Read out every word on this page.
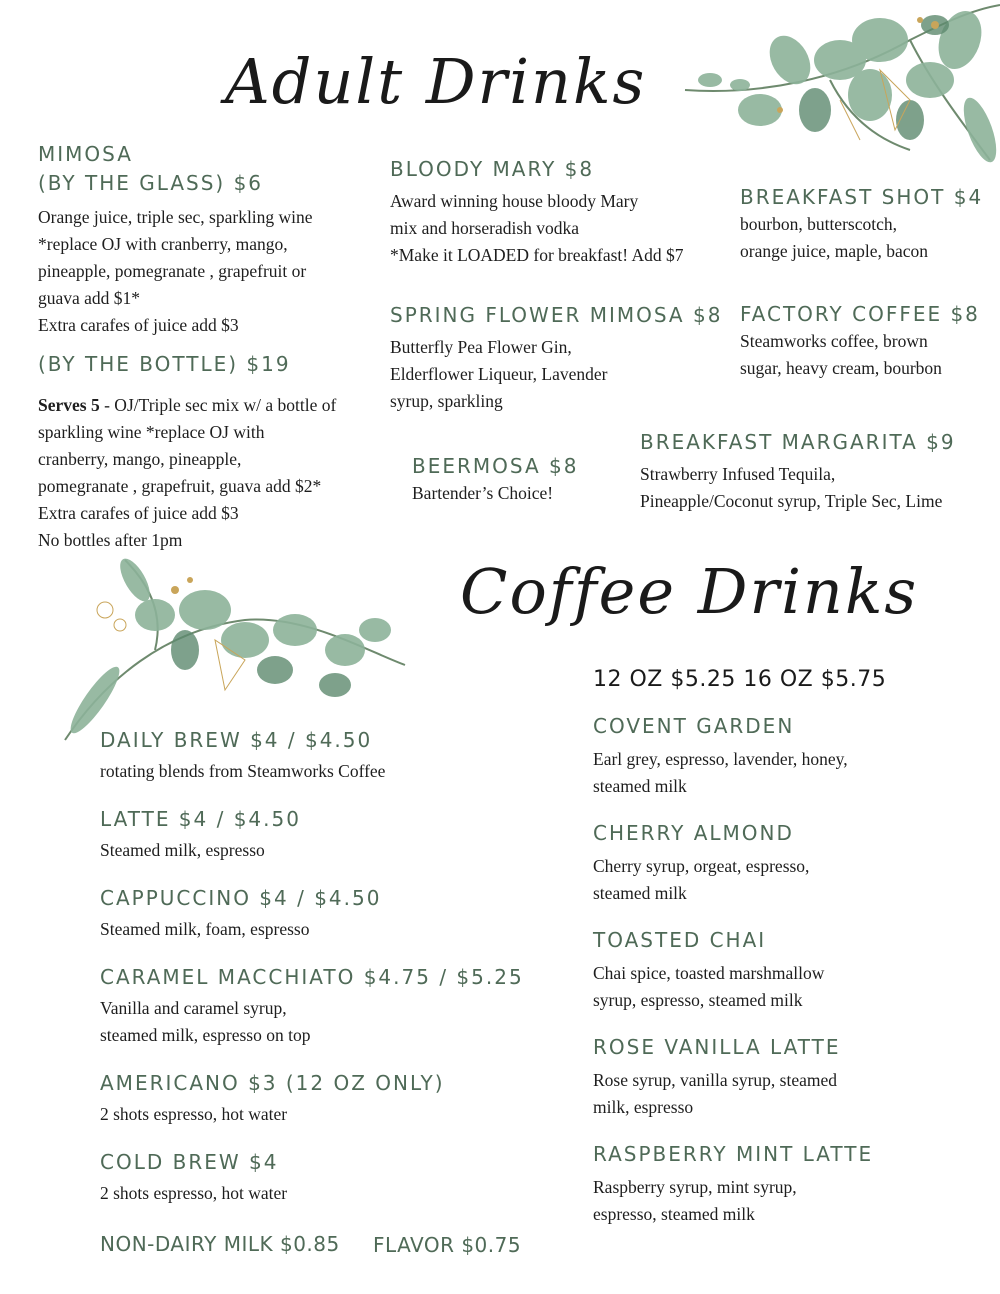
Adult Drinks
Coffee Drinks
MIMOSA
(BY THE GLASS) $6
Orange juice, triple sec, sparkling wine
*replace OJ with cranberry, mango,
pineapple, pomegranate , grapefruit or
guava add $1*
Extra carafes of juice add $3
(BY THE BOTTLE) $19
Serves 5 - OJ/Triple sec mix w/ a bottle of
sparkling wine *replace OJ with
cranberry, mango, pineapple,
pomegranate , grapefruit, guava add $2*
Extra carafes of juice add $3
No bottles after 1pm
BLOODY MARY $8
Award winning house bloody Mary
mix and horseradish vodka
*Make it LOADED for breakfast! Add $7
SPRING FLOWER MIMOSA $8
Butterfly Pea Flower Gin,
Elderflower Liqueur, Lavender
syrup, sparkling
BREAKFAST SHOT $4
bourbon, butterscotch,
orange juice, maple, bacon
FACTORY COFFEE $8
Steamworks coffee, brown
sugar, heavy cream, bourbon
BEERMOSA $8
Bartender’s Choice!
BREAKFAST MARGARITA $9
Strawberry Infused Tequila,
Pineapple/Coconut syrup, Triple Sec, Lime
DAILY BREW $4 / $4.50
rotating blends from Steamworks Coffee
LATTE $4 / $4.50
Steamed milk, espresso
CAPPUCCINO $4 / $4.50
Steamed milk, foam, espresso
CARAMEL MACCHIATO $4.75 / $5.25
Vanilla and caramel syrup,
steamed milk, espresso on top
AMERICANO $3 (12 OZ ONLY)
2 shots espresso, hot water
COLD BREW $4
2 shots espresso, hot water
NON-DAIRY MILK $0.85 FLAVOR $0.75
12 OZ $5.25 16 OZ $5.75
COVENT GARDEN
Earl grey, espresso, lavender, honey,
steamed milk
CHERRY ALMOND
Cherry syrup, orgeat, espresso,
steamed milk
TOASTED CHAI
Chai spice, toasted marshmallow
syrup, espresso, steamed milk
ROSE VANILLA LATTE
Rose syrup, vanilla syrup, steamed
milk, espresso
RASPBERRY MINT LATTE
Raspberry syrup, mint syrup,
espresso, steamed milk
